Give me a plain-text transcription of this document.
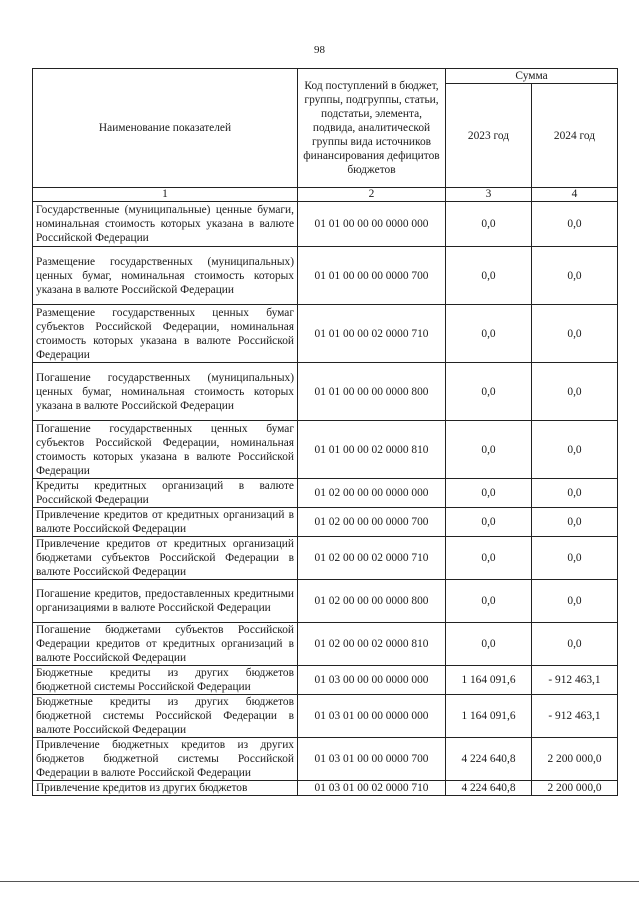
98
Наименование показателей	Код поступлений в бюджет, группы, подгруппы, статьи, подстатьи, элемента, подвида, аналитической группы вида источников финансирования дефицитов бюджетов	Сумма	
		2023 год	2024 год
1	2	3	4
Государственные (муниципальные) ценные бумаги, номинальная стоимость которых указана в валюте Российской Федерации	01 01 00 00 00 0000 000	0,0	0,0
Размещение государственных (муниципальных) ценных бумаг, номинальная стоимость которых указана в валюте Российской Федерации	01 01 00 00 00 0000 700	0,0	0,0
Размещение государственных ценных бумаг субъектов Российской Федерации, номинальная стоимость которых указана в валюте Российской Федерации	01 01 00 00 02 0000 710	0,0	0,0
Погашение государственных (муниципальных) ценных бумаг, номинальная стоимость которых указана в валюте Российской Федерации	01 01 00 00 00 0000 800	0,0	0,0
Погашение государственных ценных бумаг субъектов Российской Федерации, номинальная стоимость которых указана в валюте Российской Федерации	01 01 00 00 02 0000 810	0,0	0,0
Кредиты кредитных организаций в валюте Российской Федерации	01 02 00 00 00 0000 000	0,0	0,0
Привлечение кредитов от кредитных организаций в валюте Российской Федерации	01 02 00 00 00 0000 700	0,0	0,0
Привлечение кредитов от кредитных организаций бюджетами субъектов Российской Федерации в валюте Российской Федерации	01 02 00 00 02 0000 710	0,0	0,0
Погашение кредитов, предоставленных кредитными организациями в валюте Российской Федерации	01 02 00 00 00 0000 800	0,0	0,0
Погашение бюджетами субъектов Российской Федерации кредитов от кредитных организаций в валюте Российской Федерации	01 02 00 00 02 0000 810	0,0	0,0
Бюджетные кредиты из других бюджетов бюджетной системы Российской Федерации	01 03 00 00 00 0000 000	1 164 091,6	- 912 463,1
Бюджетные кредиты из других бюджетов бюджетной системы Российской Федерации в валюте Российской Федерации	01 03 01 00 00 0000 000	1 164 091,6	- 912 463,1
Привлечение бюджетных кредитов из других бюджетов бюджетной системы Российской Федерации в валюте Российской Федерации	01 03 01 00 00 0000 700	4 224 640,8	2 200 000,0
Привлечение кредитов из других бюджетов	01 03 01 00 02 0000 710	4 224 640,8	2 200 000,0
